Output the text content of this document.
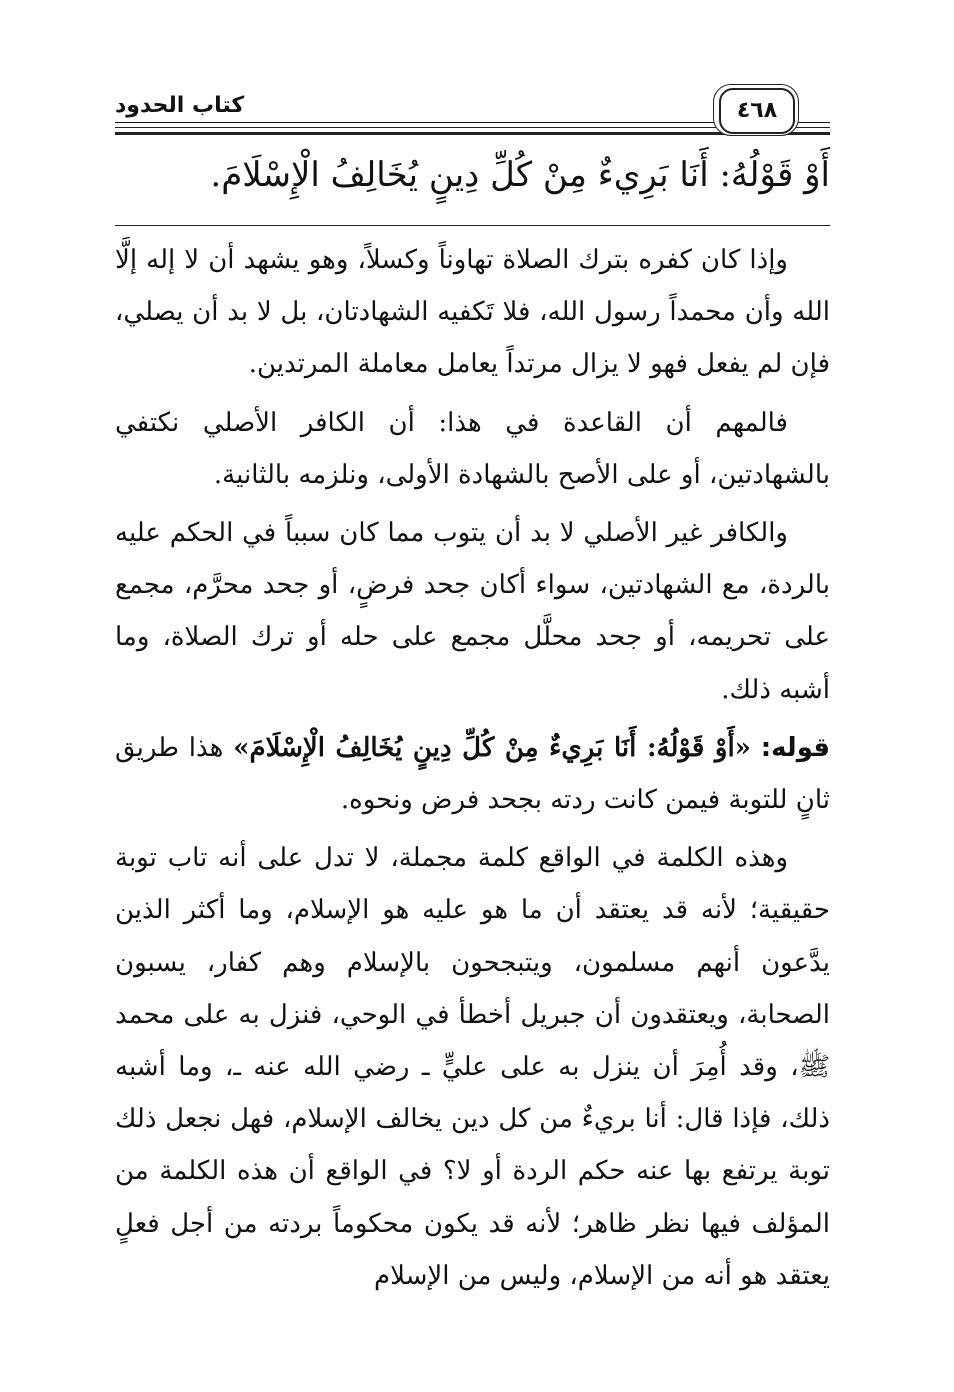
٤٦٨
كتاب الحدود
أَوْ قَوْلُهُ: أَنَا بَرِيءٌ مِنْ كُلِّ دِينٍ يُخَالِفُ الْإِسْلَامَ.

وإذا كان كفره بترك الصلاة تهاوناً وكسلاً، وهو يشهد أن لا إله إلَّا الله وأن محمداً رسول الله، فلا تَكفيه الشهادتان، بل لا بد أن يصلي، فإن لم يفعل فهو لا يزال مرتداً يعامل معاملة المرتدين.

فالمهم أن القاعدة في هذا: أن الكافر الأصلي نكتفي بالشهادتين، أو على الأصح بالشهادة الأولى، ونلزمه بالثانية.

والكافر غير الأصلي لا بد أن يتوب مما كان سبباً في الحكم عليه بالردة، مع الشهادتين، سواء أكان جحد فرضٍ، أو جحد محرَّم، مجمع على تحريمه، أو جحد محلَّل مجمع على حله أو ترك الصلاة، وما أشبه ذلك.

قوله: «أَوْ قَوْلُهُ: أَنَا بَرِيءٌ مِنْ كُلِّ دِينٍ يُخَالِفُ الْإِسْلَامَ» هذا طريق ثانٍ للتوبة فيمن كانت ردته بجحد فرض ونحوه.

وهذه الكلمة في الواقع كلمة مجملة، لا تدل على أنه تاب توبة حقيقية؛ لأنه قد يعتقد أن ما هو عليه هو الإسلام، وما أكثر الذين يدَّعون أنهم مسلمون، ويتبجحون بالإسلام وهم كفار، يسبون الصحابة، ويعتقدون أن جبريل أخطأ في الوحي، فنزل به على محمد ﷺ، وقد أُمِرَ أن ينزل به على عليٍّ ـ رضي الله عنه ـ، وما أشبه ذلك، فإذا قال: أنا بريءٌ من كل دين يخالف الإسلام، فهل نجعل ذلك توبة يرتفع بها عنه حكم الردة أو لا؟ في الواقع أن هذه الكلمة من المؤلف فيها نظر ظاهر؛ لأنه قد يكون محكوماً بردته من أجل فعلٍ يعتقد هو أنه من الإسلام، وليس من الإسلام
